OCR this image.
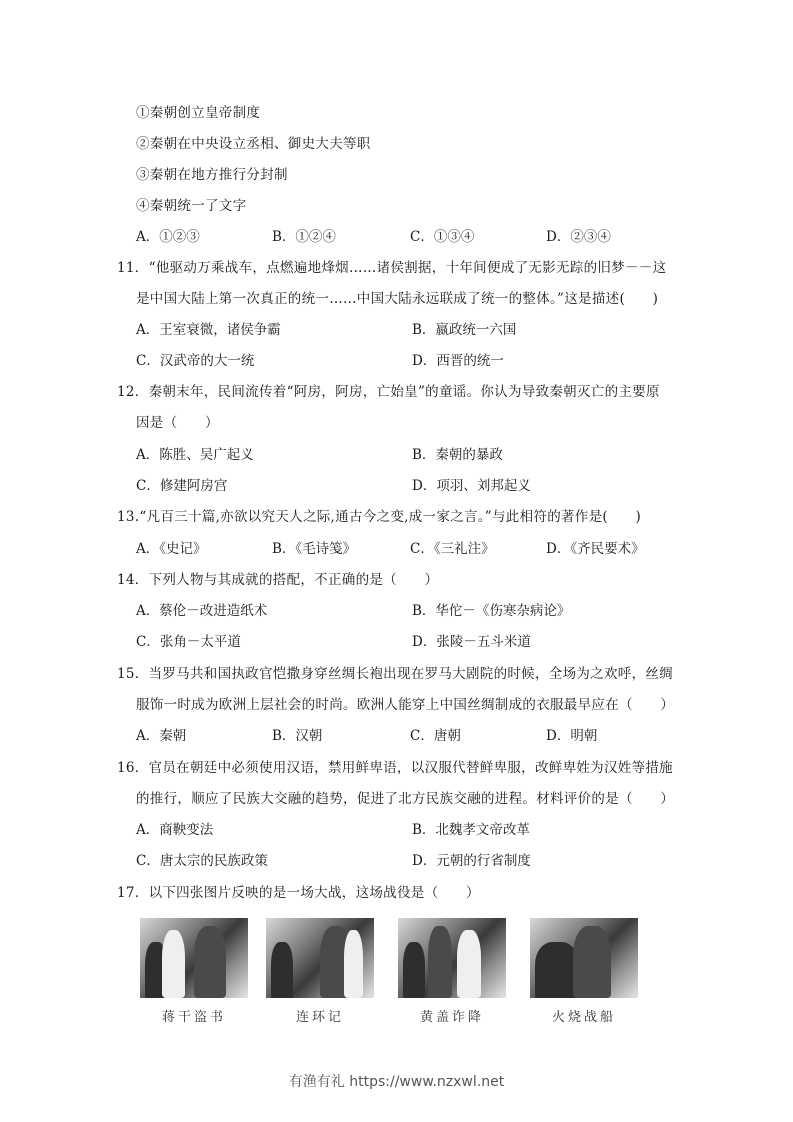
①秦朝创立皇帝制度
②秦朝在中央设立丞相、御史大夫等职
③秦朝在地方推行分封制
④秦朝统一了文字
A．①②③	B．①②④	C．①③④	D．②③④
11．“他驱动万乘战车，点燃遍地烽烟……诸侯割据，十年间便成了无影无踪的旧梦－－这
是中国大陆上第一次真正的统一……中国大陆永远联成了统一的整体。”这是描述(　　)
A．王室衰微，诸侯争霸	B．嬴政统一六国
C．汉武帝的大一统	D．西晋的统一
12．秦朝末年，民间流传着“阿房，阿房，亡始皇”的童谣。你认为导致秦朝灭亡的主要原
因是（　　）
A．陈胜、吴广起义	B．秦朝的暴政
C．修建阿房宫	D．项羽、刘邦起义
13.“凡百三十篇,亦欲以究天人之际,通古今之变,成一家之言。”与此相符的著作是(　　)
A．《史记》	B．《毛诗笺》	C．《三礼注》	D．《齐民要术》
14．下列人物与其成就的搭配，不正确的是（　　）
A．蔡伦－改进造纸术	B．华佗－《伤寒杂病论》
C．张角－太平道	D．张陵－五斗米道
15．当罗马共和国执政官恺撒身穿丝绸长袍出现在罗马大剧院的时候，全场为之欢呼，丝绸
服饰一时成为欧洲上层社会的时尚。欧洲人能穿上中国丝绸制成的衣服最早应在（　　）
A．秦朝	B．汉朝	C．唐朝	D．明朝
16．官员在朝廷中必须使用汉语，禁用鲜卑语，以汉服代替鲜卑服，改鲜卑姓为汉姓等措施
的推行，顺应了民族大交融的趋势，促进了北方民族交融的进程。材料评价的是（　　）
A．商鞅变法	B．北魏孝文帝改革
C．唐太宗的民族政策	D．元朝的行省制度
17．以下四张图片反映的是一场大战，这场战役是（　　）
蒋干盗书	连环记	黄盖诈降	火烧战船
有渔有礼 https://www.nzxwl.net
